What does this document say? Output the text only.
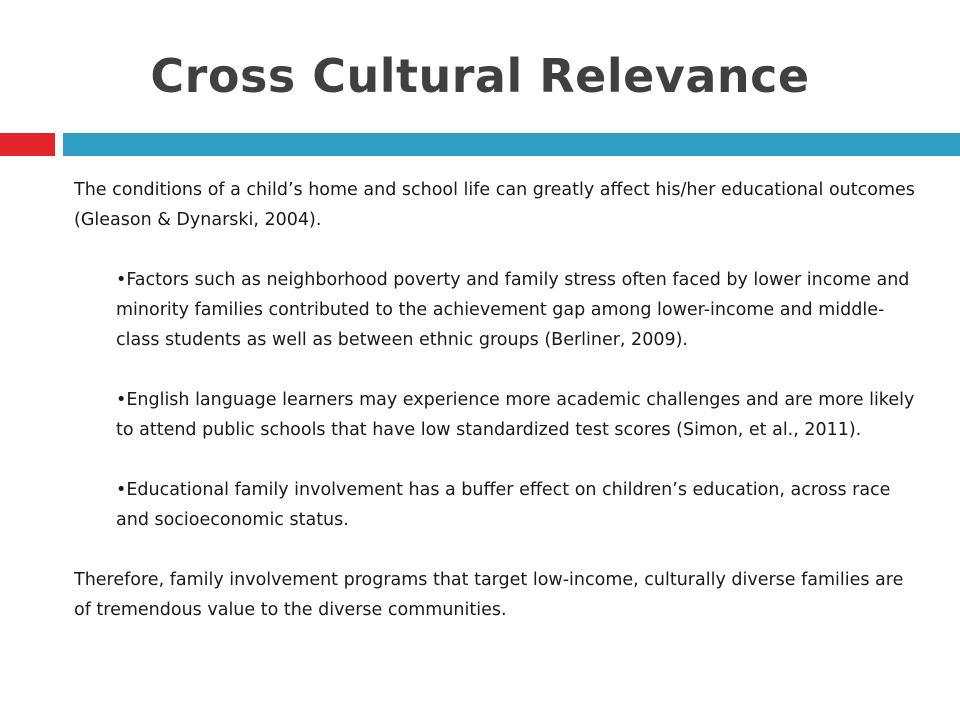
Cross Cultural Relevance

The conditions of a child’s home and school life can greatly affect his/her educational outcomes (Gleason & Dynarski, 2004).

•Factors such as neighborhood poverty and family stress often faced by lower income and minority families contributed to the achievement gap among lower-income and middle-class students as well as between ethnic groups (Berliner, 2009).
•English language learners may experience more academic challenges and are more likely to attend public schools that have low standardized test scores (Simon, et al., 2011).
•Educational family involvement has a buffer effect on children’s education, across race and socioeconomic status.

Therefore, family involvement programs that target low-income, culturally diverse families are of tremendous value to the diverse communities.
